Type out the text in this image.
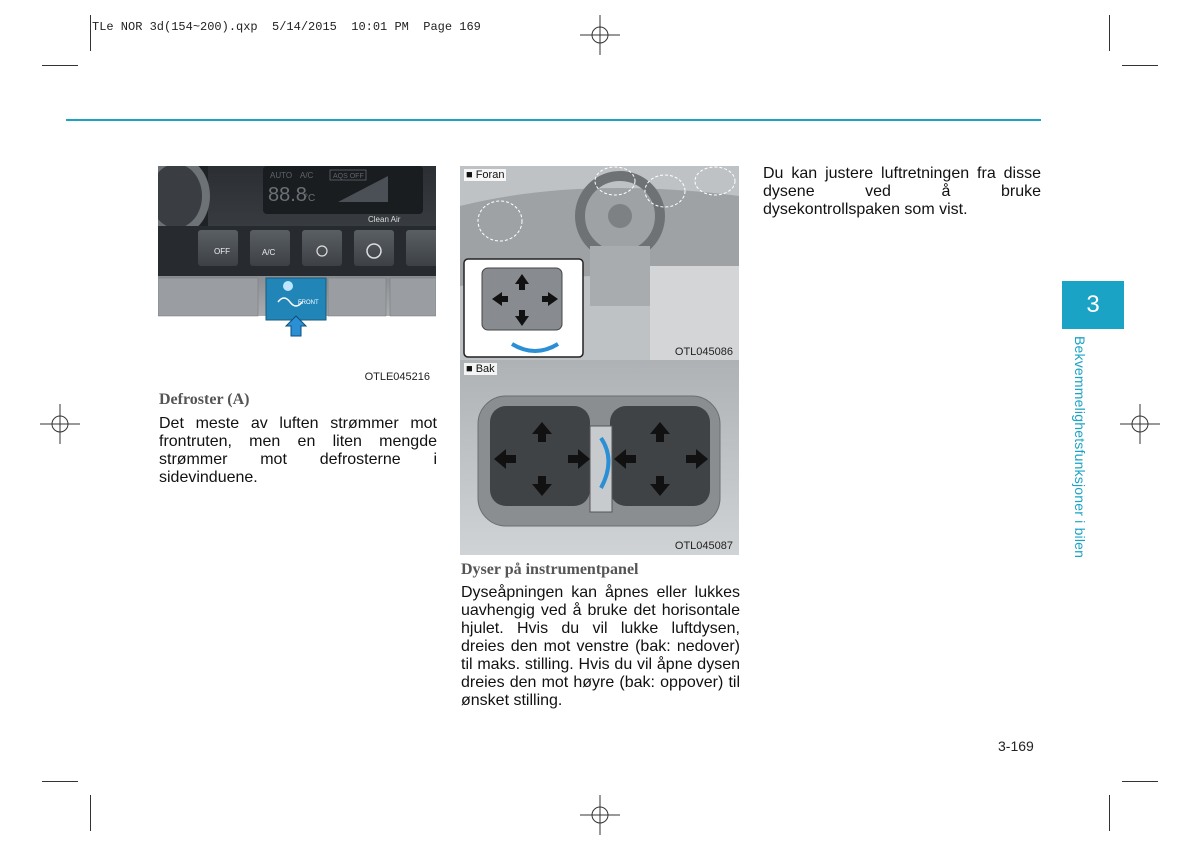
TLe NOR 3d(154~200).qxp  5/14/2015  10:01 PM  Page 169
AUTO A/C	AQS OFF
88.8
°C
Clean Air
OFF	A/C
FRONT
OTLE045216
Defroster (A)
Det meste av luften strømmer mot frontruten, men en liten mengde strømmer mot defrosterne i sidevinduene.
■ Foran
OTL045086
■ Bak
OTL045087
Dyser på instrumentpanel
Dyseåpningen kan åpnes eller lukkes uavhengig ved å bruke det horisontale hjulet. Hvis du vil lukke luftdysen, dreies den mot venstre (bak: nedover) til maks. stilling. Hvis du vil åpne dysen dreies den mot høyre (bak: oppover) til ønsket stilling.
Du kan justere luftretningen fra disse dysene ved å bruke dysekontrollspaken som vist.
3
Bekvemmelighetsfunksjoner i bilen
3-169
